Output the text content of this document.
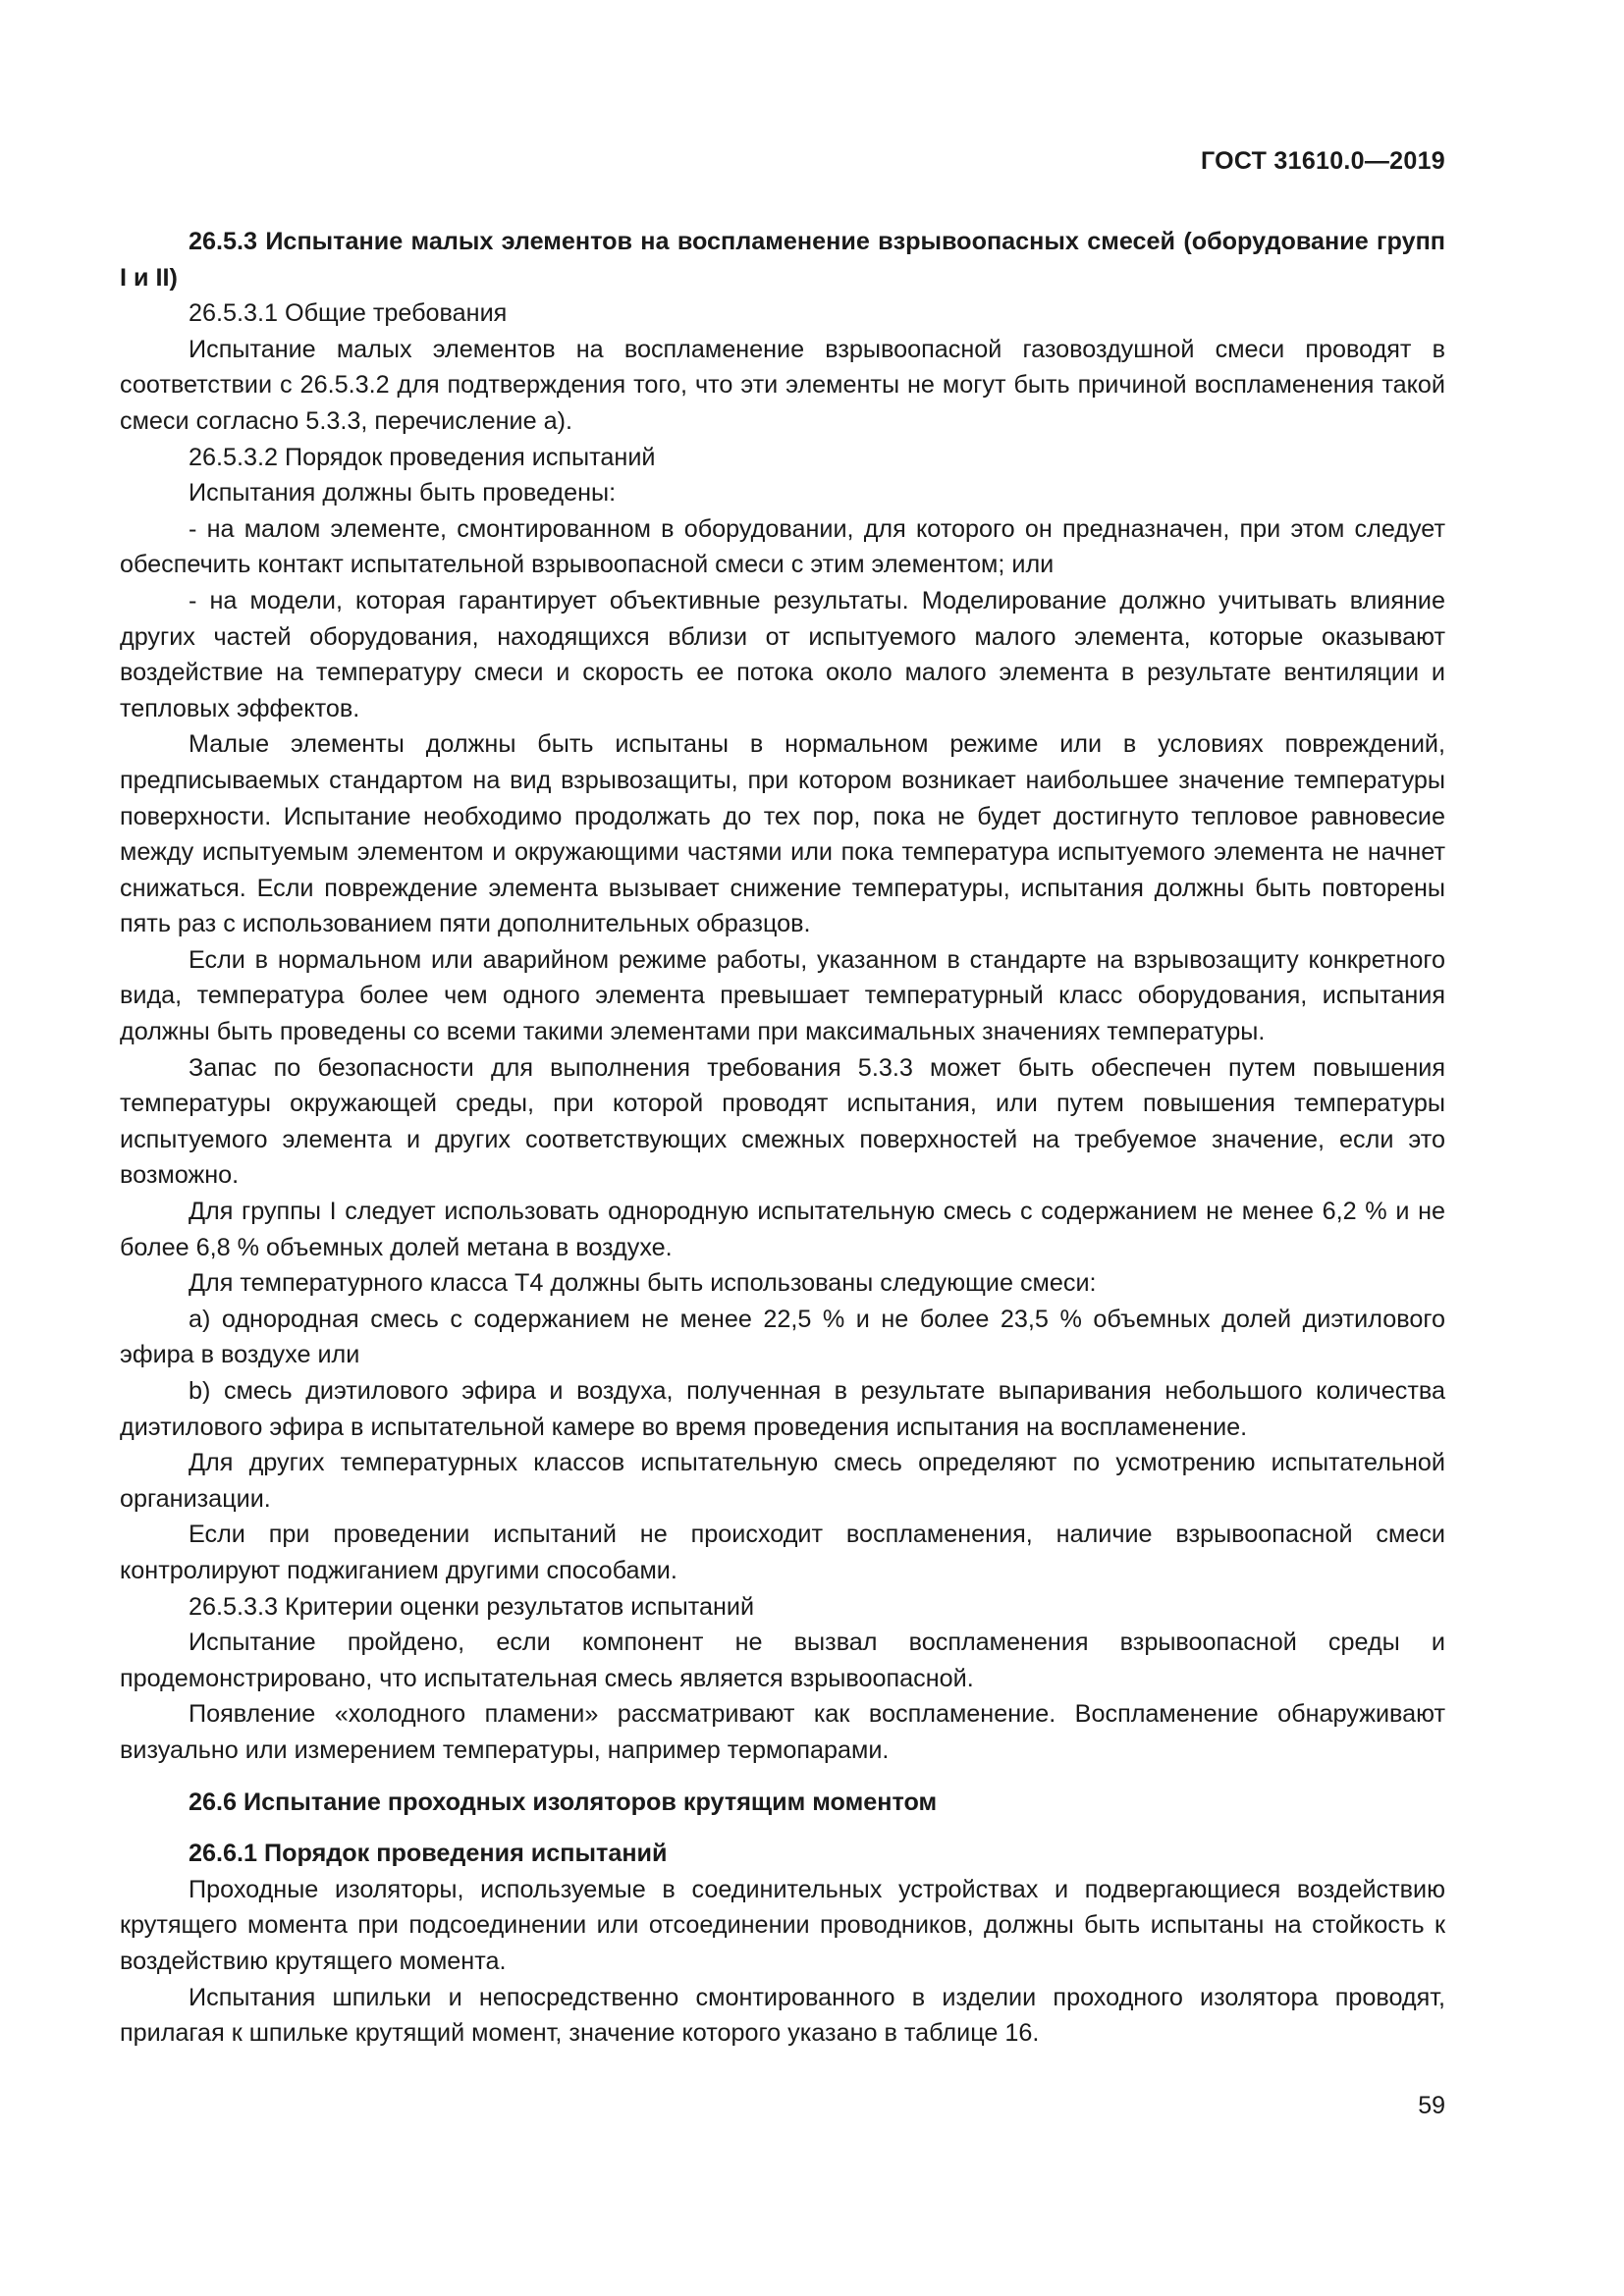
ГОСТ 31610.0—2019

26.5.3 Испытание малых элементов на воспламенение взрывоопасных смесей (оборудование групп I и II)

26.5.3.1 Общие требования

Испытание малых элементов на воспламенение взрывоопасной газовоздушной смеси проводят в соответствии с 26.5.3.2 для подтверждения того, что эти элементы не могут быть причиной воспламенения такой смеси согласно 5.3.3, перечисление а).

26.5.3.2 Порядок проведения испытаний

Испытания должны быть проведены:

- на малом элементе, смонтированном в оборудовании, для которого он предназначен, при этом следует обеспечить контакт испытательной взрывоопасной смеси с этим элементом; или

- на модели, которая гарантирует объективные результаты. Моделирование должно учитывать влияние других частей оборудования, находящихся вблизи от испытуемого малого элемента, которые оказывают воздействие на температуру смеси и скорость ее потока около малого элемента в результате вентиляции и тепловых эффектов.

Малые элементы должны быть испытаны в нормальном режиме или в условиях повреждений, предписываемых стандартом на вид взрывозащиты, при котором возникает наибольшее значение температуры поверхности. Испытание необходимо продолжать до тех пор, пока не будет достигнуто тепловое равновесие между испытуемым элементом и окружающими частями или пока температура испытуемого элемента не начнет снижаться. Если повреждение элемента вызывает снижение температуры, испытания должны быть повторены пять раз с использованием пяти дополнительных образцов.

Если в нормальном или аварийном режиме работы, указанном в стандарте на взрывозащиту конкретного вида, температура более чем одного элемента превышает температурный класс оборудования, испытания должны быть проведены со всеми такими элементами при максимальных значениях температуры.

Запас по безопасности для выполнения требования 5.3.3 может быть обеспечен путем повышения температуры окружающей среды, при которой проводят испытания, или путем повышения температуры испытуемого элемента и других соответствующих смежных поверхностей на требуемое значение, если это возможно.

Для группы I следует использовать однородную испытательную смесь с содержанием не менее 6,2 % и не более 6,8 % объемных долей метана в воздухе.

Для температурного класса Т4 должны быть использованы следующие смеси:

а) однородная смесь с содержанием не менее 22,5 % и не более 23,5 % объемных долей диэтилового эфира в воздухе или

b) смесь диэтилового эфира и воздуха, полученная в результате выпаривания небольшого количества диэтилового эфира в испытательной камере во время проведения испытания на воспламенение.

Для других температурных классов испытательную смесь определяют по усмотрению испытательной организации.

Если при проведении испытаний не происходит воспламенения, наличие взрывоопасной смеси контролируют поджиганием другими способами.

26.5.3.3 Критерии оценки результатов испытаний

Испытание пройдено, если компонент не вызвал воспламенения взрывоопасной среды и продемонстрировано, что испытательная смесь является взрывоопасной.

Появление «холодного пламени» рассматривают как воспламенение. Воспламенение обнаруживают визуально или измерением температуры, например термопарами.

26.6 Испытание проходных изоляторов крутящим моментом

26.6.1 Порядок проведения испытаний

Проходные изоляторы, используемые в соединительных устройствах и подвергающиеся воздействию крутящего момента при подсоединении или отсоединении проводников, должны быть испытаны на стойкость к воздействию крутящего момента.

Испытания шпильки и непосредственно смонтированного в изделии проходного изолятора проводят, прилагая к шпильке крутящий момент, значение которого указано в таблице 16.

59
